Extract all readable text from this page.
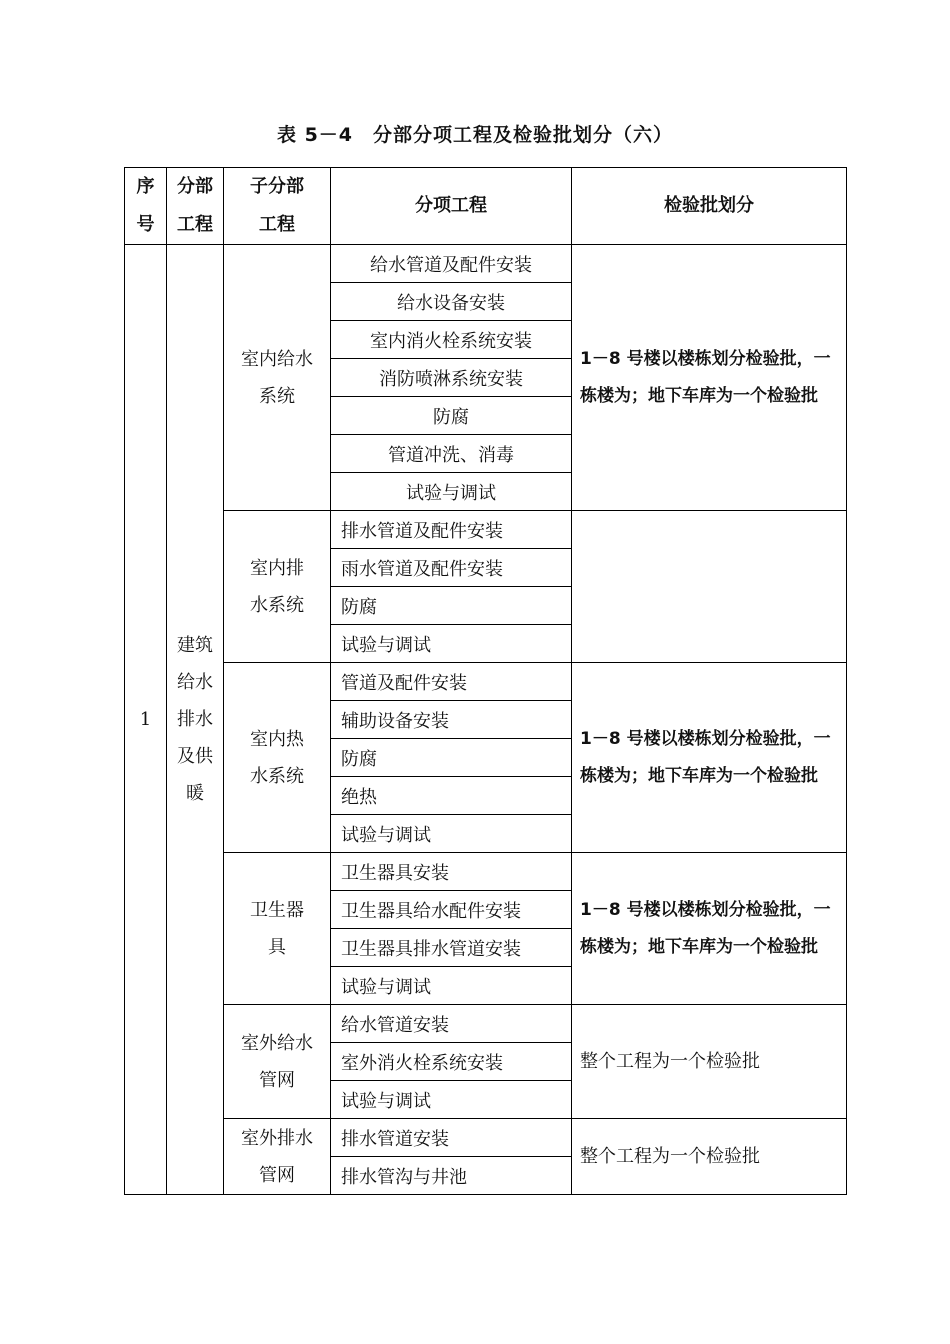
表 5－4　分部分项工程及检验批划分（六）
序号	分部工程	子分部工程	分项工程	检验批划分
1	建筑给水排水及供暖	室内给水系统	给水管道及配件安装	1－8 号楼以楼栋划分检验批，一栋楼为；地下车库为一个检验批
			给水设备安装	
			室内消火栓系统安装	
			消防喷淋系统安装	
			防腐	
			管道冲洗、消毒	
			试验与调试	

		室内排水系统	排水管道及配件安装	
			雨水管道及配件安装	
			防腐	
			试验与调试	

		室内热水系统	管道及配件安装	1－8 号楼以楼栋划分检验批，一栋楼为；地下车库为一个检验批
			辅助设备安装	
			防腐	
			绝热	
			试验与调试	

		卫生器具	卫生器具安装	1－8 号楼以楼栋划分检验批，一栋楼为；地下车库为一个检验批
			卫生器具给水配件安装	
			卫生器具排水管道安装	
			试验与调试	

		室外给水管网	给水管道安装	整个工程为一个检验批
			室外消火栓系统安装	
			试验与调试	

		室外排水管网	排水管道安装	整个工程为一个检验批
			排水管沟与井池	
